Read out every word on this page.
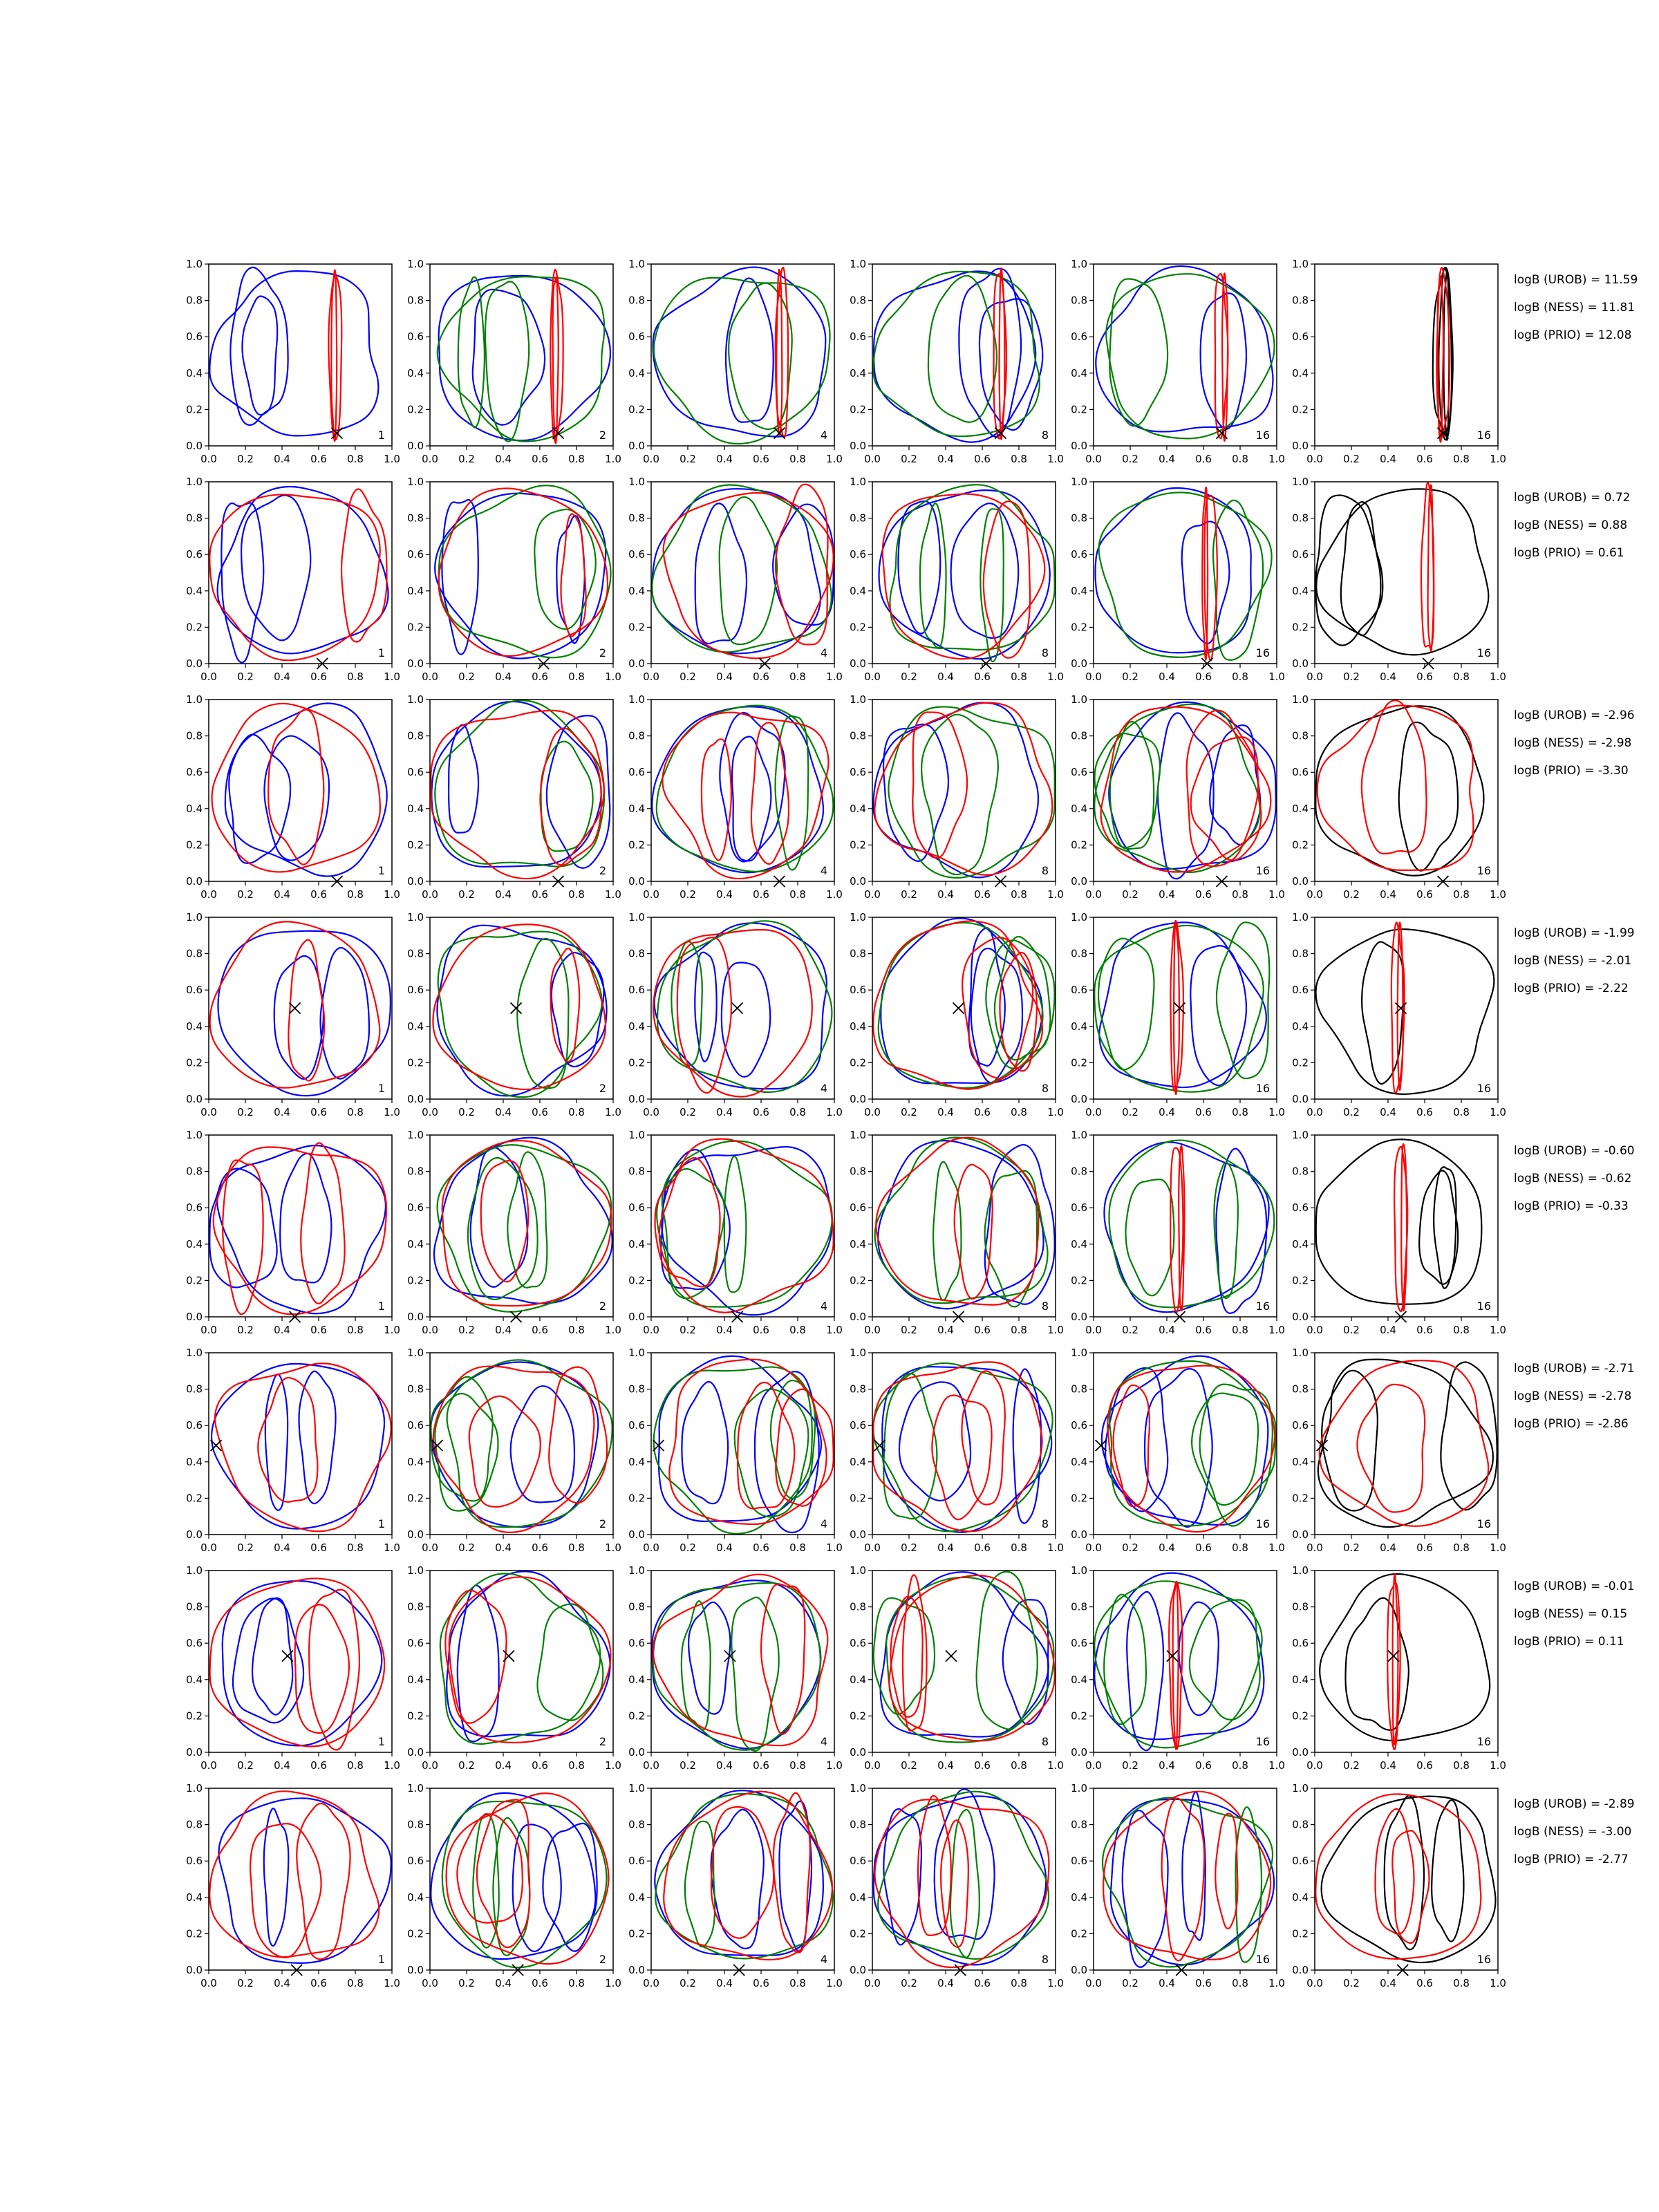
0.0 0.2 0.4 0.6 0.8 1.0
0.0
0.2
0.4
0.6
0.8
1.0
1
0.0 0.2 0.4 0.6 0.8 1.0
0.0
0.2
0.4
0.6
0.8
1.0
2
0.0 0.2 0.4 0.6 0.8 1.0
0.0
0.2
0.4
0.6
0.8
1.0
4
0.0 0.2 0.4 0.6 0.8 1.0
0.0
0.2
0.4
0.6
0.8
1.0
8
0.0 0.2 0.4 0.6 0.8 1.0
0.0
0.2
0.4
0.6
0.8
1.0
16
0.0 0.2 0.4 0.6 0.8 1.0
0.0
0.2
0.4
0.6
0.8
1.0
16
logB (UROB) = 11.59
logB (NESS) = 11.81
logB (PRIO) = 12.08
0.0 0.2 0.4 0.6 0.8 1.0
0.0
0.2
0.4
0.6
0.8
1.0
1
0.0 0.2 0.4 0.6 0.8 1.0
0.0
0.2
0.4
0.6
0.8
1.0
2
0.0 0.2 0.4 0.6 0.8 1.0
0.0
0.2
0.4
0.6
0.8
1.0
4
0.0 0.2 0.4 0.6 0.8 1.0
0.0
0.2
0.4
0.6
0.8
1.0
8
0.0 0.2 0.4 0.6 0.8 1.0
0.0
0.2
0.4
0.6
0.8
1.0
16
0.0 0.2 0.4 0.6 0.8 1.0
0.0
0.2
0.4
0.6
0.8
1.0
16
logB (UROB) = 0.72
logB (NESS) = 0.88
logB (PRIO) = 0.61
0.0 0.2 0.4 0.6 0.8 1.0
0.0
0.2
0.4
0.6
0.8
1.0
1
0.0 0.2 0.4 0.6 0.8 1.0
0.0
0.2
0.4
0.6
0.8
1.0
2
0.0 0.2 0.4 0.6 0.8 1.0
0.0
0.2
0.4
0.6
0.8
1.0
4
0.0 0.2 0.4 0.6 0.8 1.0
0.0
0.2
0.4
0.6
0.8
1.0
8
0.0 0.2 0.4 0.6 0.8 1.0
0.0
0.2
0.4
0.6
0.8
1.0
16
0.0 0.2 0.4 0.6 0.8 1.0
0.0
0.2
0.4
0.6
0.8
1.0
16
logB (UROB) = -2.96
logB (NESS) = -2.98
logB (PRIO) = -3.30
0.0 0.2 0.4 0.6 0.8 1.0
0.0
0.2
0.4
0.6
0.8
1.0
1
0.0 0.2 0.4 0.6 0.8 1.0
0.0
0.2
0.4
0.6
0.8
1.0
2
0.0 0.2 0.4 0.6 0.8 1.0
0.0
0.2
0.4
0.6
0.8
1.0
4
0.0 0.2 0.4 0.6 0.8 1.0
0.0
0.2
0.4
0.6
0.8
1.0
8
0.0 0.2 0.4 0.6 0.8 1.0
0.0
0.2
0.4
0.6
0.8
1.0
16
0.0 0.2 0.4 0.6 0.8 1.0
0.0
0.2
0.4
0.6
0.8
1.0
16
logB (UROB) = -1.99
logB (NESS) = -2.01
logB (PRIO) = -2.22
0.0 0.2 0.4 0.6 0.8 1.0
0.0
0.2
0.4
0.6
0.8
1.0
1
0.0 0.2 0.4 0.6 0.8 1.0
0.0
0.2
0.4
0.6
0.8
1.0
2
0.0 0.2 0.4 0.6 0.8 1.0
0.0
0.2
0.4
0.6
0.8
1.0
4
0.0 0.2 0.4 0.6 0.8 1.0
0.0
0.2
0.4
0.6
0.8
1.0
8
0.0 0.2 0.4 0.6 0.8 1.0
0.0
0.2
0.4
0.6
0.8
1.0
16
0.0 0.2 0.4 0.6 0.8 1.0
0.0
0.2
0.4
0.6
0.8
1.0
16
logB (UROB) = -0.60
logB (NESS) = -0.62
logB (PRIO) = -0.33
0.0 0.2 0.4 0.6 0.8 1.0
0.0
0.2
0.4
0.6
0.8
1.0
1
0.0 0.2 0.4 0.6 0.8 1.0
0.0
0.2
0.4
0.6
0.8
1.0
2
0.0 0.2 0.4 0.6 0.8 1.0
0.0
0.2
0.4
0.6
0.8
1.0
4
0.0 0.2 0.4 0.6 0.8 1.0
0.0
0.2
0.4
0.6
0.8
1.0
8
0.0 0.2 0.4 0.6 0.8 1.0
0.0
0.2
0.4
0.6
0.8
1.0
16
0.0 0.2 0.4 0.6 0.8 1.0
0.0
0.2
0.4
0.6
0.8
1.0
16
logB (UROB) = -2.71
logB (NESS) = -2.78
logB (PRIO) = -2.86
0.0 0.2 0.4 0.6 0.8 1.0
0.0
0.2
0.4
0.6
0.8
1.0
1
0.0 0.2 0.4 0.6 0.8 1.0
0.0
0.2
0.4
0.6
0.8
1.0
2
0.0 0.2 0.4 0.6 0.8 1.0
0.0
0.2
0.4
0.6
0.8
1.0
4
0.0 0.2 0.4 0.6 0.8 1.0
0.0
0.2
0.4
0.6
0.8
1.0
8
0.0 0.2 0.4 0.6 0.8 1.0
0.0
0.2
0.4
0.6
0.8
1.0
16
0.0 0.2 0.4 0.6 0.8 1.0
0.0
0.2
0.4
0.6
0.8
1.0
16
logB (UROB) = -0.01
logB (NESS) = 0.15
logB (PRIO) = 0.11
0.0 0.2 0.4 0.6 0.8 1.0
0.0
0.2
0.4
0.6
0.8
1.0
1
0.0 0.2 0.4 0.6 0.8 1.0
0.0
0.2
0.4
0.6
0.8
1.0
2
0.0 0.2 0.4 0.6 0.8 1.0
0.0
0.2
0.4
0.6
0.8
1.0
4
0.0 0.2 0.4 0.6 0.8 1.0
0.0
0.2
0.4
0.6
0.8
1.0
8
0.0 0.2 0.4 0.6 0.8 1.0
0.0
0.2
0.4
0.6
0.8
1.0
16
0.0 0.2 0.4 0.6 0.8 1.0
0.0
0.2
0.4
0.6
0.8
1.0
16
logB (UROB) = -2.89
logB (NESS) = -3.00
logB (PRIO) = -2.77
